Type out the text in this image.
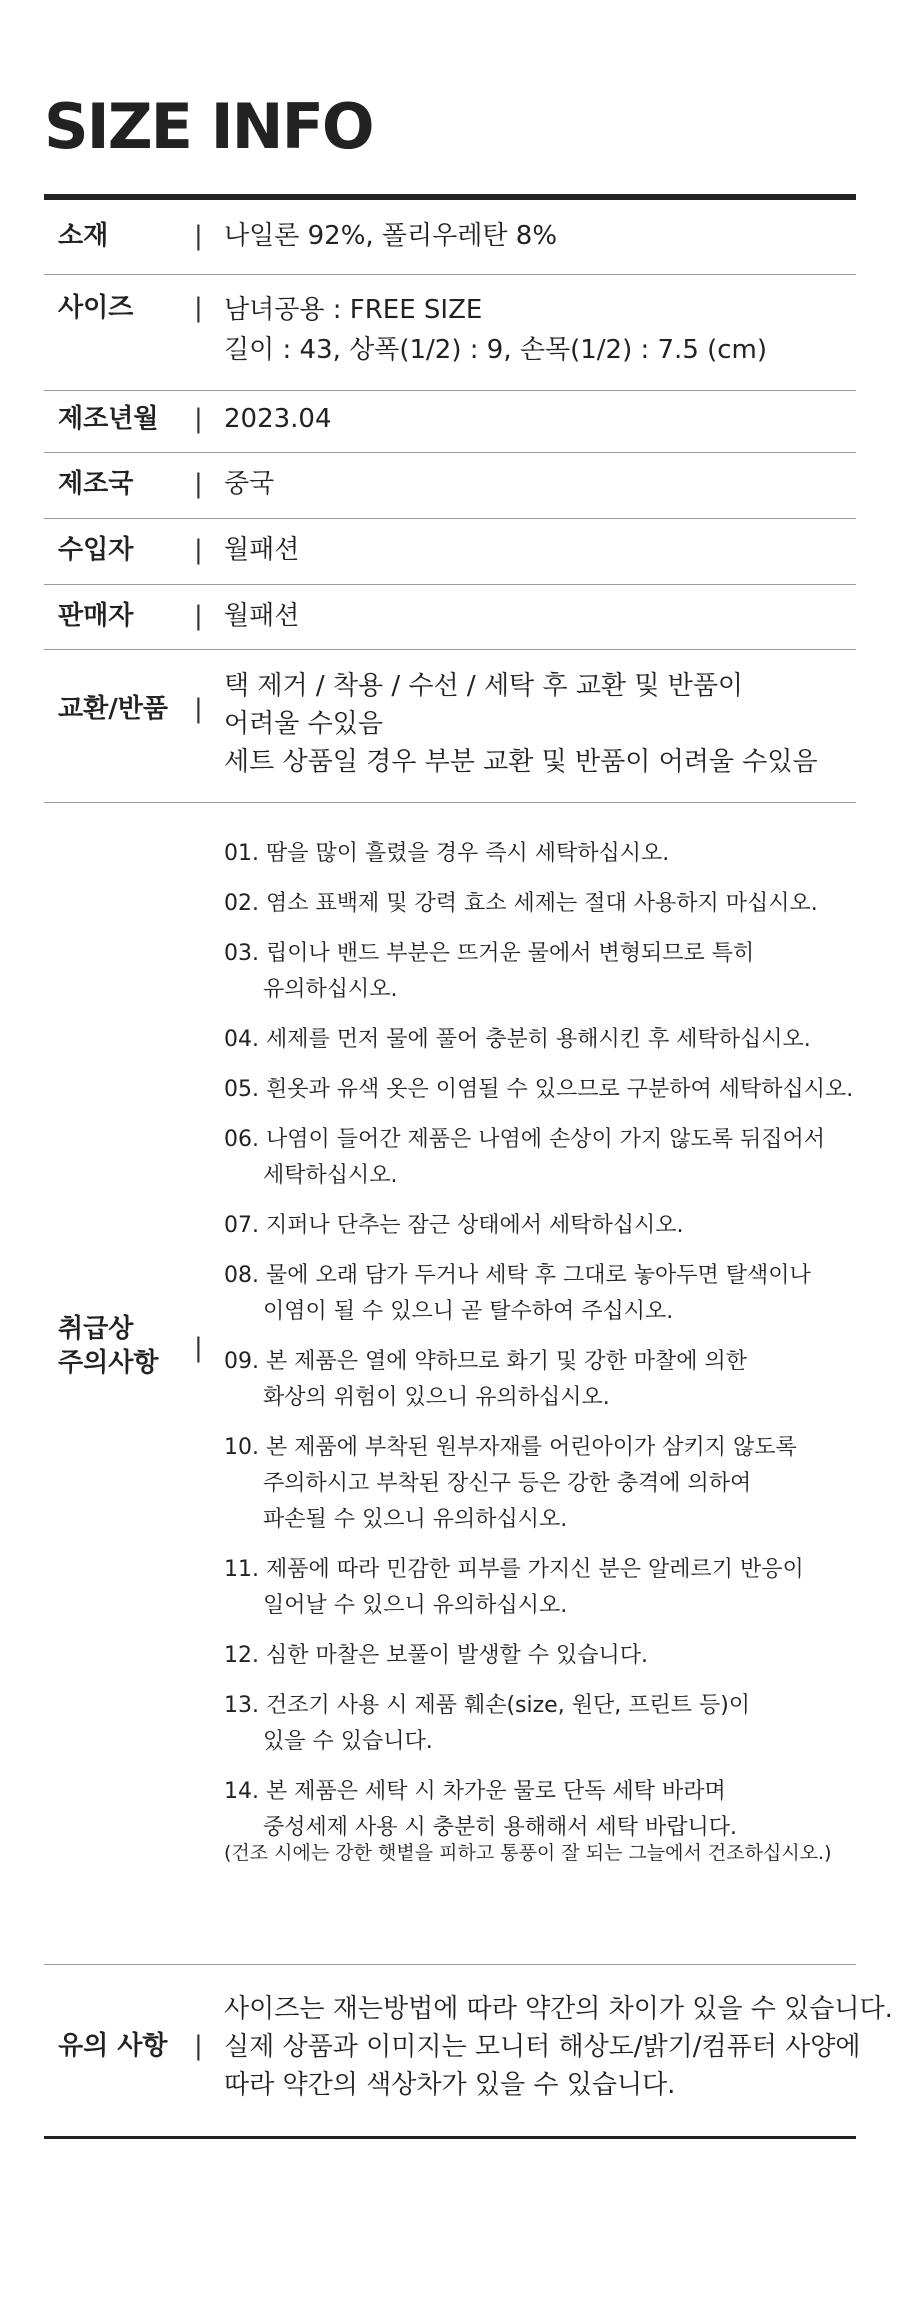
SIZE INFO

소재	| 나일론 92%, 폴리우레탄 8%

사이즈 | 남녀공용 : FREE SIZE
길이 : 43, 상폭(1/2) : 9, 손목(1/2) : 7.5 (cm)

제조년월 | 2023.04

제조국 | 중국

수입자 | 월패션

판매자 | 월패션

교환/반품 |
택 제거 / 착용 / 수선 / 세탁 후 교환 및 반품이
어려울 수있음
세트 상품일 경우 부분 교환 및 반품이 어려울 수있음

취급상
주의사항 |
01. 땀을 많이 흘렸을 경우 즉시 세탁하십시오.
02. 염소 표백제 및 강력 효소 세제는 절대 사용하지 마십시오.
03. 립이나 밴드 부분은 뜨거운 물에서 변형되므로 특히
유의하십시오.
04. 세제를 먼저 물에 풀어 충분히 용해시킨 후 세탁하십시오.
05. 흰옷과 유색 옷은 이염될 수 있으므로 구분하여 세탁하십시오.
06. 나염이 들어간 제품은 나염에 손상이 가지 않도록 뒤집어서
세탁하십시오.
07. 지퍼나 단추는 잠근 상태에서 세탁하십시오.
08. 물에 오래 담가 두거나 세탁 후 그대로 놓아두면 탈색이나
이염이 될 수 있으니 곧 탈수하여 주십시오.
09. 본 제품은 열에 약하므로 화기 및 강한 마찰에 의한
화상의 위험이 있으니 유의하십시오.
10. 본 제품에 부착된 원부자재를 어린아이가 삼키지 않도록
주의하시고 부착된 장신구 등은 강한 충격에 의하여
파손될 수 있으니 유의하십시오.
11. 제품에 따라 민감한 피부를 가지신 분은 알레르기 반응이
일어날 수 있으니 유의하십시오.
12. 심한 마찰은 보풀이 발생할 수 있습니다.
13. 건조기 사용 시 제품 훼손(size, 원단, 프린트 등)이
있을 수 있습니다.
14. 본 제품은 세탁 시 차가운 물로 단독 세탁 바라며
중성세제 사용 시 충분히 용해해서 세탁 바랍니다.
(건조 시에는 강한 햇볕을 피하고 통풍이 잘 되는 그늘에서 건조하십시오.)

유의 사항 |
사이즈는 재는방법에 따라 약간의 차이가 있을 수 있습니다.
실제 상품과 이미지는 모니터 해상도/밝기/컴퓨터 사양에
따라 약간의 색상차가 있을 수 있습니다.
